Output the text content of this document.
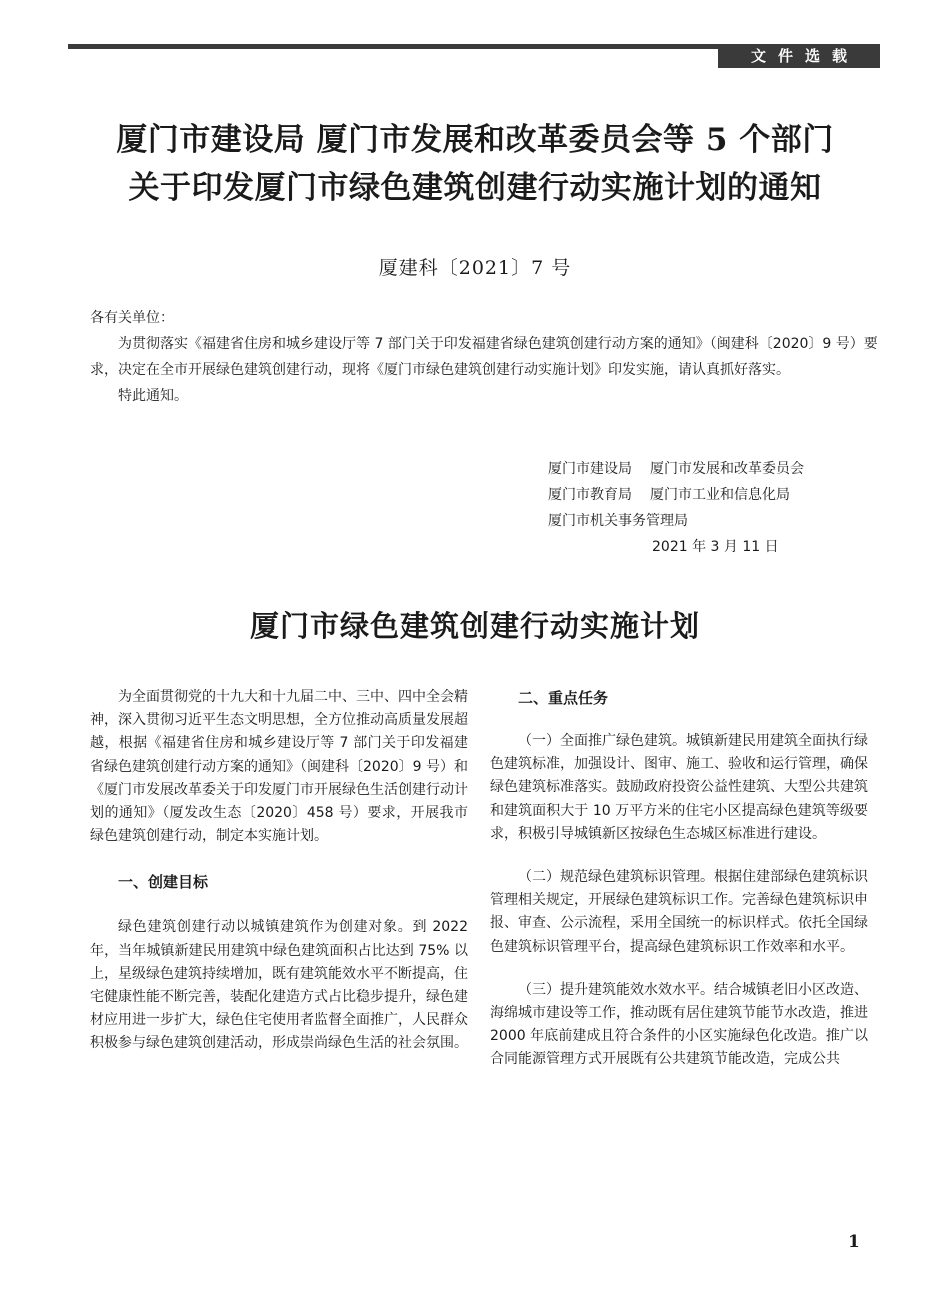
文件选载
厦门市建设局 厦门市发展和改革委员会等 5 个部门
关于印发厦门市绿色建筑创建行动实施计划的通知
厦建科〔2021〕7 号

各有关单位：

为贯彻落实《福建省住房和城乡建设厅等 7 部门关于印发福建省绿色建筑创建行动方案的通知》（闽建科〔2020〕9 号）要求，决定在全市开展绿色建筑创建行动，现将《厦门市绿色建筑创建行动实施计划》印发实施，请认真抓好落实。

特此通知。

厦门市建设局 厦门市发展和改革委员会
厦门市教育局 厦门市工业和信息化局
厦门市机关事务管理局
2021 年 3 月 11 日
厦门市绿色建筑创建行动实施计划

为全面贯彻党的十九大和十九届二中、三中、四中全会精神，深入贯彻习近平生态文明思想，全方位推动高质量发展超越，根据《福建省住房和城乡建设厅等 7 部门关于印发福建省绿色建筑创建行动方案的通知》（闽建科〔2020〕9 号）和《厦门市发展改革委关于印发厦门市开展绿色生活创建行动计划的通知》（厦发改生态〔2020〕458 号）要求，开展我市绿色建筑创建行动，制定本实施计划。

一、创建目标

绿色建筑创建行动以城镇建筑作为创建对象。到 2022 年，当年城镇新建民用建筑中绿色建筑面积占比达到 75% 以上，星级绿色建筑持续增加，既有建筑能效水平不断提高，住宅健康性能不断完善，装配化建造方式占比稳步提升，绿色建材应用进一步扩大，绿色住宅使用者监督全面推广，人民群众积极参与绿色建筑创建活动，形成崇尚绿色生活的社会氛围。

二、重点任务

（一）全面推广绿色建筑。城镇新建民用建筑全面执行绿色建筑标准，加强设计、图审、施工、验收和运行管理，确保绿色建筑标准落实。鼓励政府投资公益性建筑、大型公共建筑和建筑面积大于 10 万平方米的住宅小区提高绿色建筑等级要求，积极引导城镇新区按绿色生态城区标准进行建设。

（二）规范绿色建筑标识管理。根据住建部绿色建筑标识管理相关规定，开展绿色建筑标识工作。完善绿色建筑标识申报、审查、公示流程，采用全国统一的标识样式。依托全国绿色建筑标识管理平台，提高绿色建筑标识工作效率和水平。

（三）提升建筑能效水效水平。结合城镇老旧小区改造、海绵城市建设等工作，推动既有居住建筑节能节水改造，推进 2000 年底前建成且符合条件的小区实施绿色化改造。推广以合同能源管理方式开展既有公共建筑节能改造，完成公共

1
